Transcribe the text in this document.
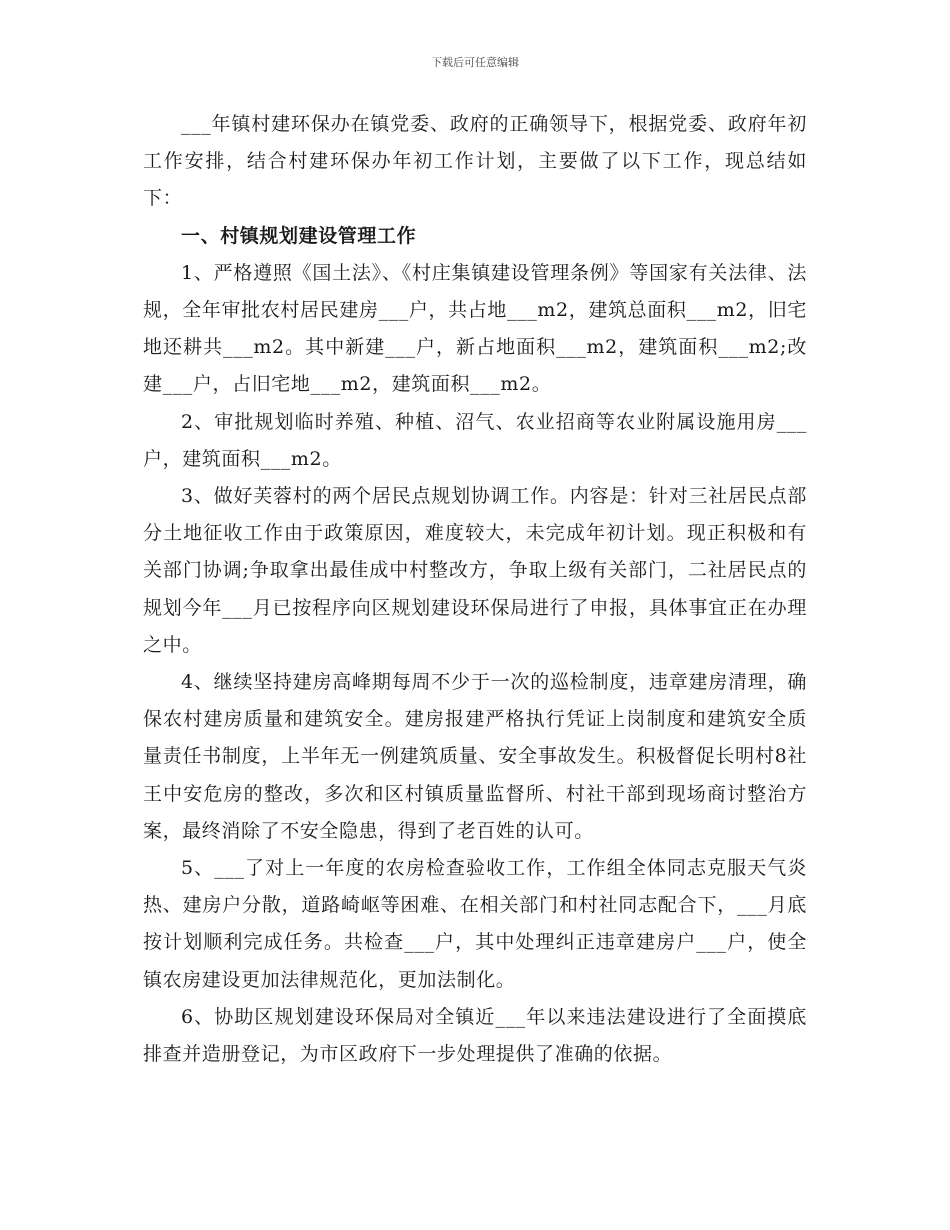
下载后可任意编辑

___年镇村建环保办在镇党委、政府的正确领导下，根据党委、政府年初工作安排，结合村建环保办年初工作计划，主要做了以下工作，现总结如下：

一、村镇规划建设管理工作

1、严格遵照《国土法》、《村庄集镇建设管理条例》等国家有关法律、法规，全年审批农村居民建房___户，共占地___m2，建筑总面积___m2，旧宅地还耕共___m2。其中新建___户，新占地面积___m2，建筑面积___m2;改建___户，占旧宅地___m2，建筑面积___m2。

2、审批规划临时养殖、种植、沼气、农业招商等农业附属设施用房___户，建筑面积___m2。

3、做好芙蓉村的两个居民点规划协调工作。内容是：针对三社居民点部分土地征收工作由于政策原因，难度较大，未完成年初计划。现正积极和有关部门协调;争取拿出最佳成中村整改方，争取上级有关部门，二社居民点的规划今年___月已按程序向区规划建设环保局进行了申报，具体事宜正在办理之中。

4、继续坚持建房高峰期每周不少于一次的巡检制度，违章建房清理，确保农村建房质量和建筑安全。建房报建严格执行凭证上岗制度和建筑安全质量责任书制度，上半年无一例建筑质量、安全事故发生。积极督促长明村8社王中安危房的整改，多次和区村镇质量监督所、村社干部到现场商讨整治方案，最终消除了不安全隐患，得到了老百姓的认可。

5、___了对上一年度的农房检查验收工作，工作组全体同志克服天气炎热、建房户分散，道路崎岖等困难、在相关部门和村社同志配合下，___月底按计划顺利完成任务。共检查___户，其中处理纠正违章建房户___户，使全镇农房建设更加法律规范化，更加法制化。

6、协助区规划建设环保局对全镇近___年以来违法建设进行了全面摸底排查并造册登记，为市区政府下一步处理提供了准确的依据。
